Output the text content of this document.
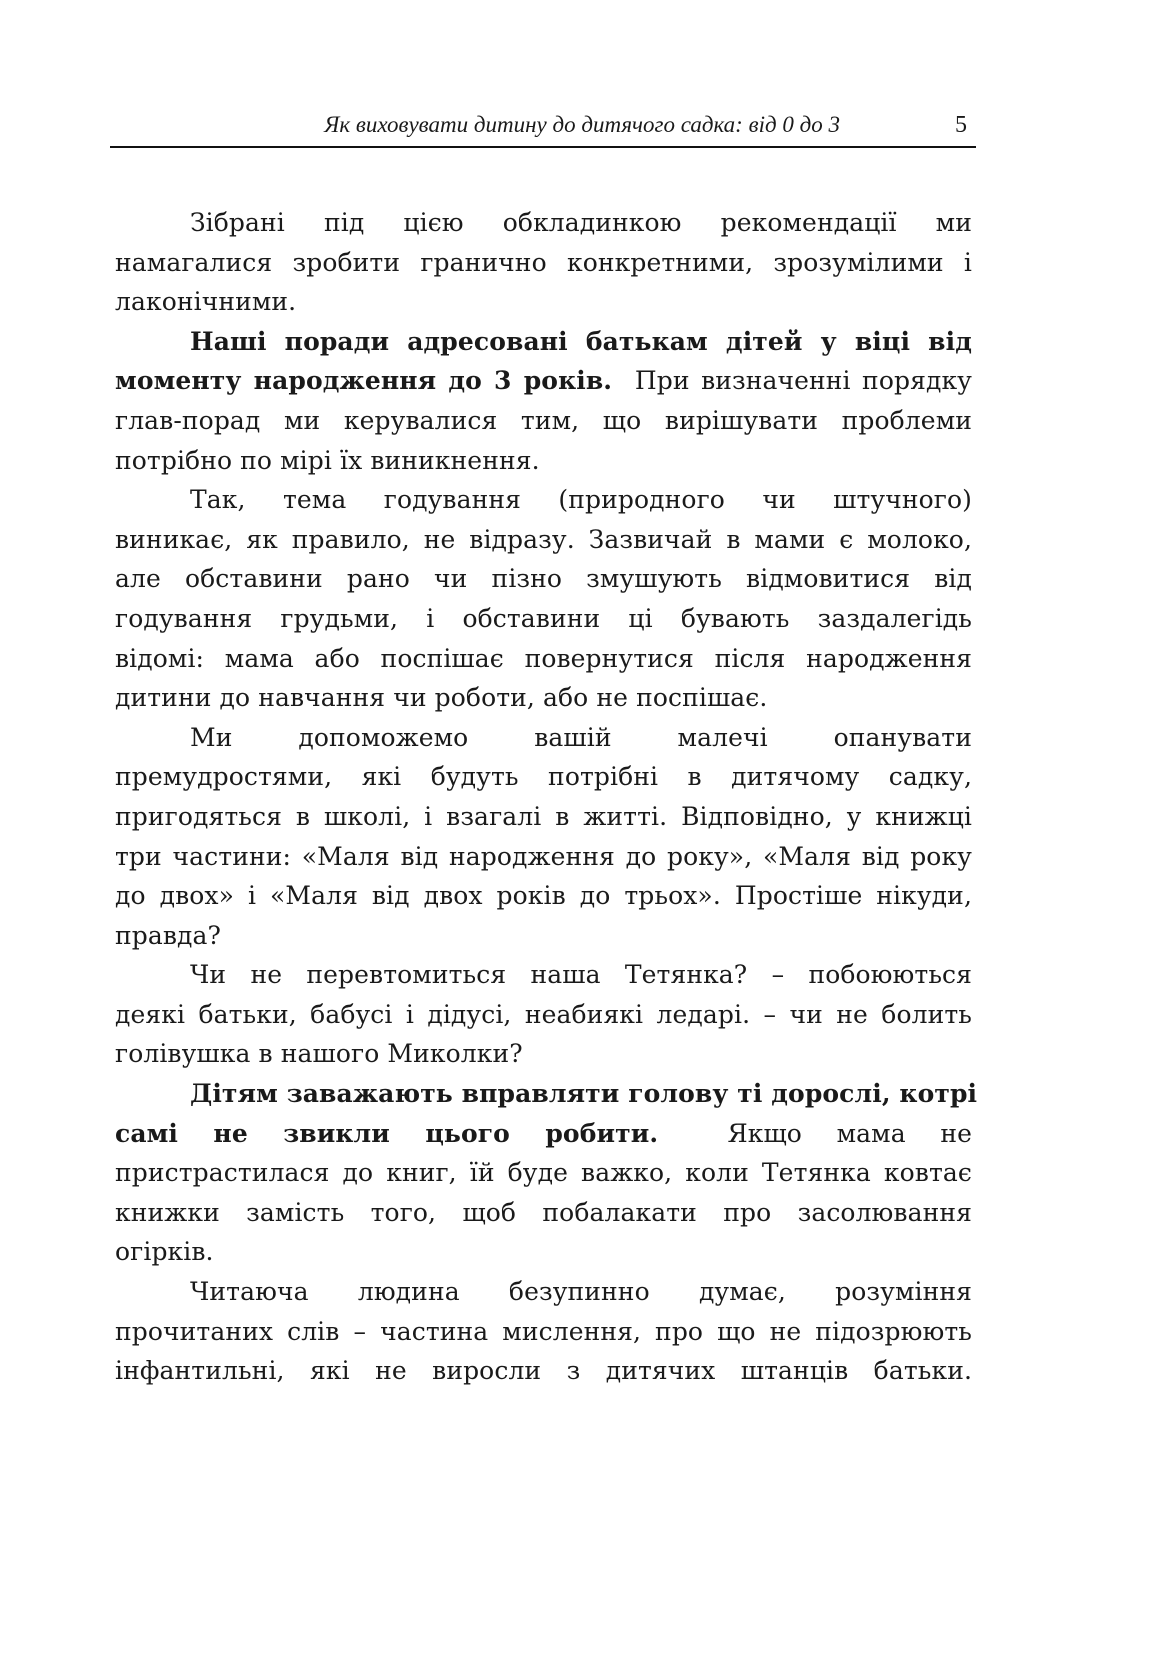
Як виховувати дитину до дитячого садка: від 0 до 3	5
Зібрані під цією обкладинкою рекомендації ми
намагалися зробити гранично конкретними, зрозумілими і
лаконічними.
Наші поради адресовані батькам дітей у віці від
моменту народження до 3 років.  При визначенні порядку
глав-порад ми керувалися тим, що вирішувати проблеми
потрібно по мірі їх виникнення.
Так, тема годування (природного чи штучного)
виникає, як правило, не відразу. Зазвичай в мами є молоко,
але обставини рано чи пізно змушують відмовитися від
годування грудьми, і обставини ці бувають заздалегідь
відомі: мама або поспішає повернутися після народження
дитини до навчання чи роботи, або не поспішає.
Ми допоможемо вашій малечі опанувати
премудростями, які будуть потрібні в дитячому садку,
пригодяться в школі, і взагалі в житті. Відповідно, у книжці
три частини: «Маля від народження до року», «Маля від року
до двох» і «Маля від двох років до трьох». Простіше нікуди,
правда?
Чи не перевтомиться наша Тетянка? – побоюються
деякі батьки, бабусі і дідусі, неабиякі ледарі. – чи не болить
голівушка в нашого Миколки?
Дітям заважають вправляти голову ті дорослі, котрі
самі не звикли цього робити.  Якщо мама не
пристрастилася до книг, їй буде важко, коли Тетянка ковтає
книжки замість того, щоб побалакати про засолювання
огірків.
Читаюча людина безупинно думає, розуміння
прочитаних слів – частина мислення, про що не підозрюють
інфантильні, які не виросли з дитячих штанців батьки.
